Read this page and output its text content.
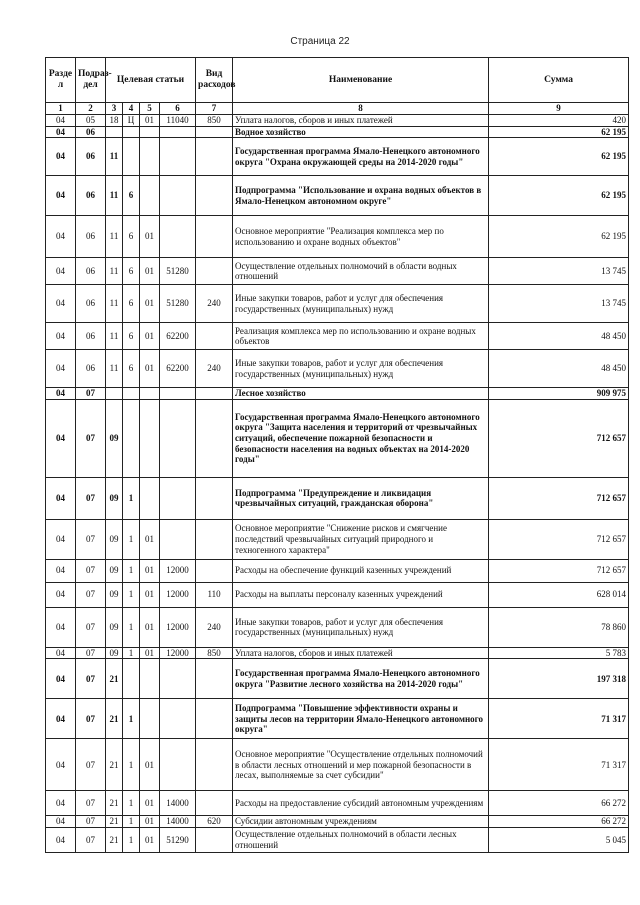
Страница 22
Разде л	Подраз-дел	Целевая статьи				Вид расходов	Наименование	Сумма
1	2	3	4	5	6	7	8	9
04	05	18	Ц	01	11040	850	Уплата налогов, сборов и иных платежей	420
04	06						Водное хозяйство	62 195
04	06	11					Государственная программа Ямало-Ненецкого автономного округа "Охрана окружающей среды на 2014-2020 годы"	62 195
04	06	11	6				Подпрограмма "Использование и охрана водных объектов в Ямало-Ненецком автономном округе"	62 195
04	06	11	6	01			Основное мероприятие "Реализация комплекса мер по использованию и охране водных объектов"	62 195
04	06	11	6	01	51280		Осуществление отдельных полномочий в области водных отношений	13 745
04	06	11	6	01	51280	240	Иные закупки товаров, работ и услуг для обеспечения государственных (муниципальных) нужд	13 745
04	06	11	6	01	62200		Реализация комплекса мер по использованию и охране водных объектов	48 450
04	06	11	6	01	62200	240	Иные закупки товаров, работ и услуг для обеспечения государственных (муниципальных) нужд	48 450
04	07						Лесное хозяйство	909 975
04	07	09					Государственная программа Ямало-Ненецкого автономного округа "Защита населения и территорий от чрезвычайных ситуаций, обеспечение пожарной безопасности и безопасности населения на водных объектах на 2014-2020 годы"	712 657
04	07	09	1				Подпрограмма "Предупреждение и ликвидация чрезвычайных ситуаций, гражданская оборона"	712 657
04	07	09	1	01			Основное мероприятие "Снижение рисков и смягчение последствий чрезвычайных ситуаций природного и техногенного характера"	712 657
04	07	09	1	01	12000		Расходы на обеспечение функций казенных учреждений	712 657
04	07	09	1	01	12000	110	Расходы на выплаты персоналу казенных учреждений	628 014
04	07	09	1	01	12000	240	Иные закупки товаров, работ и услуг для обеспечения государственных (муниципальных) нужд	78 860
04	07	09	1	01	12000	850	Уплата налогов, сборов и иных платежей	5 783
04	07	21					Государственная программа Ямало-Ненецкого автономного округа "Развитие лесного хозяйства на 2014-2020 годы"	197 318
04	07	21	1				Подпрограмма "Повышение эффективности охраны и защиты лесов на территории Ямало-Ненецкого автономного округа"	71 317
04	07	21	1	01			Основное мероприятие "Осуществление отдельных полномочий в области лесных отношений и мер пожарной безопасности в лесах, выполняемые за счет субсидии"	71 317
04	07	21	1	01	14000		Расходы на предоставление субсидий автономным учреждениям	66 272
04	07	21	1	01	14000	620	Субсидии автономным учреждениям	66 272
04	07	21	1	01	51290		Осуществление отдельных полномочий в области лесных отношений	5 045
